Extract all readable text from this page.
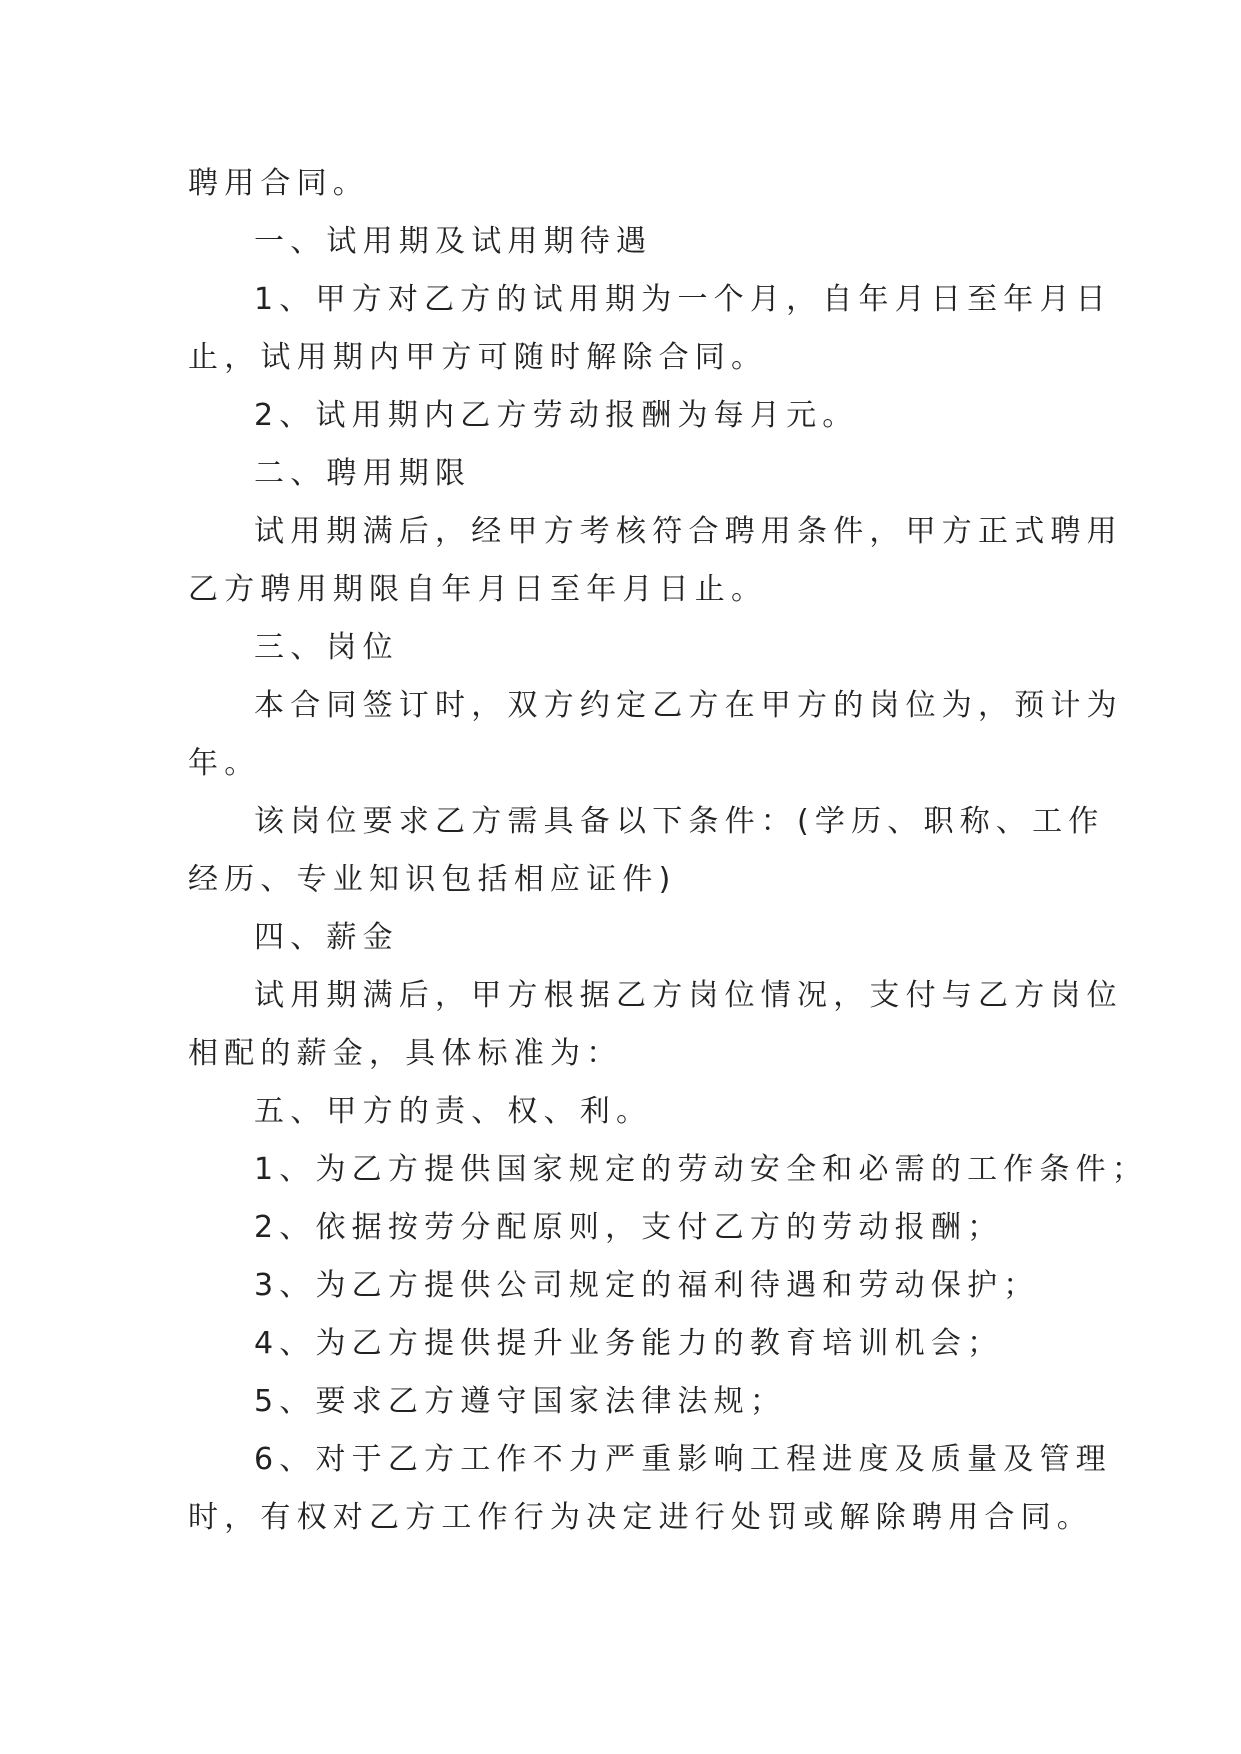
聘用合同。

一、试用期及试用期待遇

1、甲方对乙方的试用期为一个月，自年月日至年月日

止，试用期内甲方可随时解除合同。

2、试用期内乙方劳动报酬为每月元。

二、聘用期限

试用期满后，经甲方考核符合聘用条件，甲方正式聘用

乙方聘用期限自年月日至年月日止。

三、岗位

本合同签订时，双方约定乙方在甲方的岗位为，预计为

年。

该岗位要求乙方需具备以下条件：(学历、职称、工作

经历、专业知识包括相应证件)

四、薪金

试用期满后，甲方根据乙方岗位情况，支付与乙方岗位

相配的薪金，具体标准为：

五、甲方的责、权、利。

1、为乙方提供国家规定的劳动安全和必需的工作条件；

2、依据按劳分配原则，支付乙方的劳动报酬；

3、为乙方提供公司规定的福利待遇和劳动保护；

4、为乙方提供提升业务能力的教育培训机会；

5、要求乙方遵守国家法律法规；

6、对于乙方工作不力严重影响工程进度及质量及管理

时，有权对乙方工作行为决定进行处罚或解除聘用合同。
